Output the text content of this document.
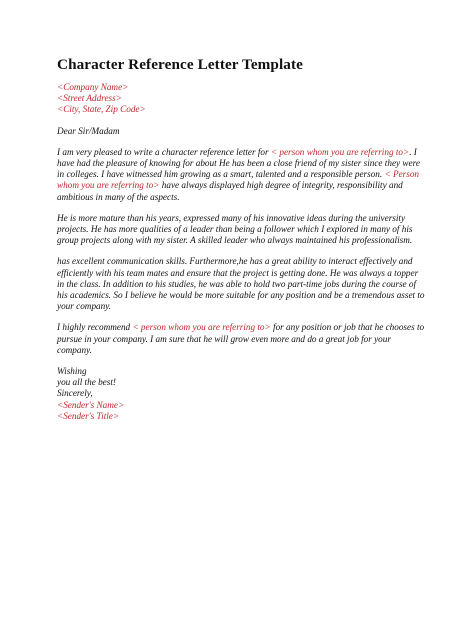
Character Reference Letter Template
<Company Name>
<Street Address>
<City, State, Zip Code>

Dear Sir/Madam

I am very pleased to write a character reference letter for < person whom you are referring to>. I have had the pleasure of knowing for about He has been a close friend of my sister since they were in colleges. I have witnessed him growing as a smart, talented and a responsible person. < Person whom you are referring to> have always displayed high degree of integrity, responsibility and ambitious in many of the aspects.

He is more mature than his years, expressed many of his innovative ideas during the university projects. He has more qualities of a leader than being a follower which I explored in many of his group projects along with my sister. A skilled leader who always maintained his professionalism.

has excellent communication skills. Furthermore,he has a great ability to interact effectively and efficiently with his team mates and ensure that the project is getting done. He was always a topper in the class. In addition to his studies, he was able to hold two part-time jobs during the course of his academics. So I believe he would be more suitable for any position and be a tremendous asset to your company.

I highly recommend < person whom you are referring to> for any position or job that he chooses to pursue in your company. I am sure that he will grow even more and do a great job for your company.

Wishing
you all the best!
Sincerely,
<Sender's Name>
<Sender's Title>
